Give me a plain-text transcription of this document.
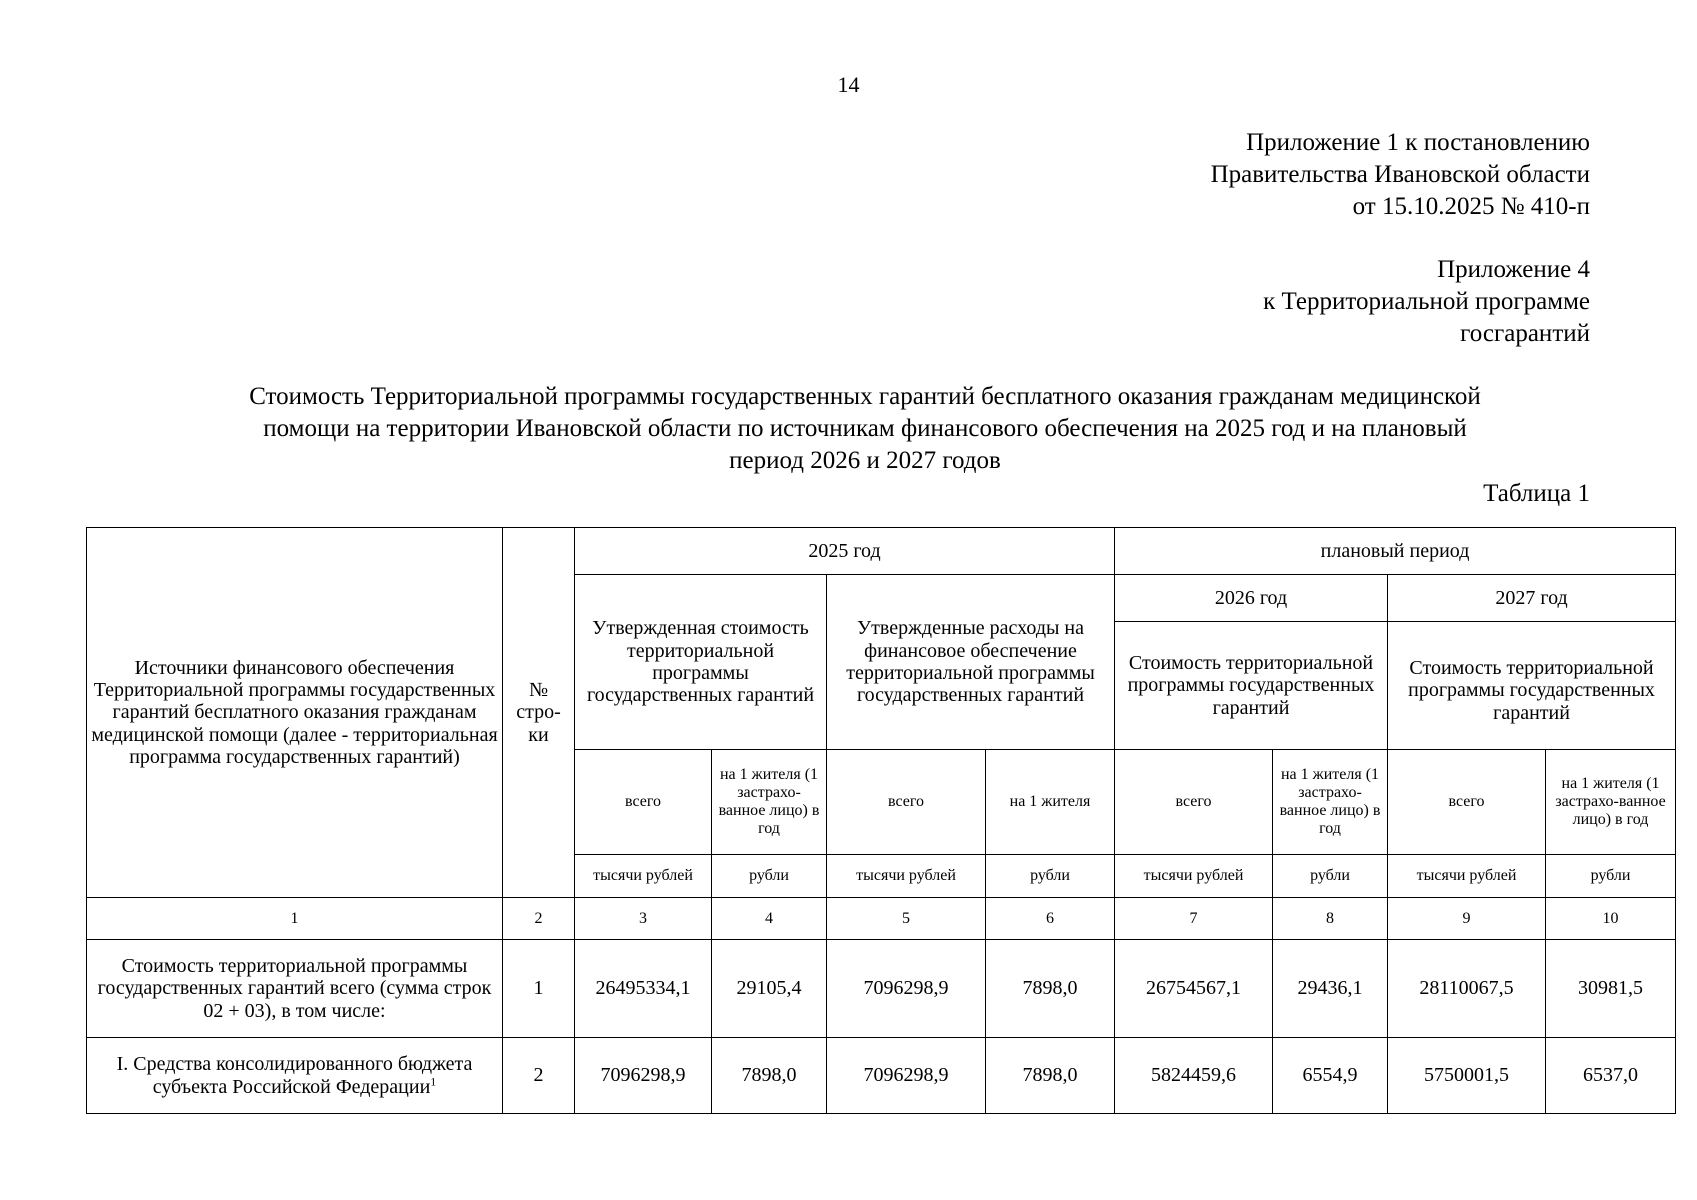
14
Приложение 1 к постановлению
Правительства Ивановской области
от 15.10.2025 № 410-п
Приложение 4
к Территориальной программе
госгарантий
Стоимость Территориальной программы государственных гарантий бесплатного оказания гражданам медицинской
помощи на территории Ивановской области по источникам финансового обеспечения на 2025 год и на плановый
период 2026 и 2027 годов
Таблица 1
Источники финансового обеспечения Территориальной программы государственных гарантий бесплатного оказания гражданам медицинской помощи (далее - территориальная программа государственных гарантий)	№ стро-ки	2025 год				плановый период			
		Утвержденная стоимость территориальной программы государственных гарантий		Утвержденные расходы на финансовое обеспечение территориальной программы государственных гарантий		2026 год		2027 год	
						Стоимость территориальной программы государственных гарантий		Стоимость территориальной программы государственных гарантий	
		всего	на 1 жителя (1 застрахо-ванное лицо) в год	всего	на 1 жителя	всего	на 1 жителя (1 застрахо-ванное лицо) в год	всего	на 1 жителя (1 застрахо-ванное лицо) в год
		тысячи рублей	рубли	тысячи рублей	рубли	тысячи рублей	рубли	тысячи рублей	рубли
1	2	3	4	5	6	7	8	9	10
Стоимость территориальной программы государственных гарантий всего (сумма строк 02 + 03), в том числе:	1	26495334,1	29105,4	7096298,9	7898,0	26754567,1	29436,1	28110067,5	30981,5
I. Средства консолидированного бюджета субъекта Российской Федерации$^1$	2	7096298,9	7898,0	7096298,9	7898,0	5824459,6	6554,9	5750001,5	6537,0
